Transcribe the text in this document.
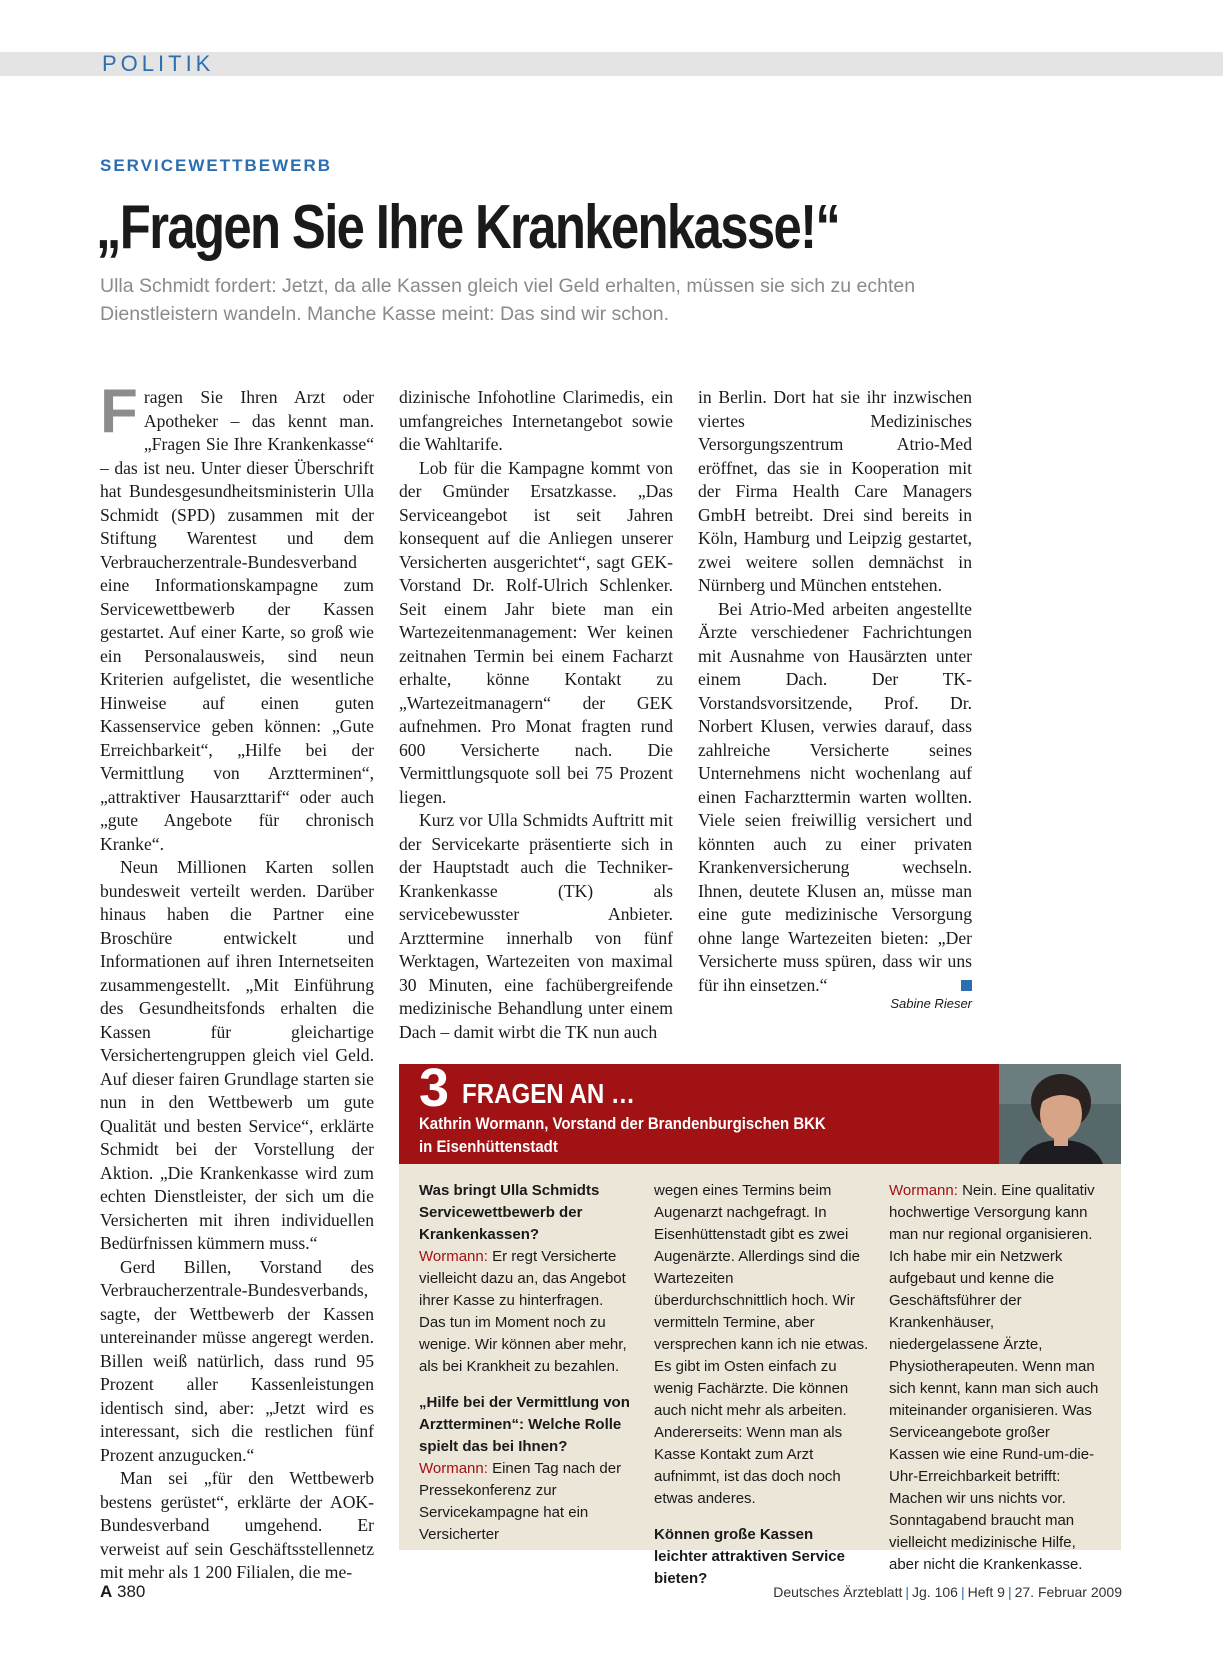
POLITIK
SERVICEWETTBEWERB
„Fragen Sie Ihre Krankenkasse!“
Ulla Schmidt fordert: Jetzt, da alle Kassen gleich viel Geld erhalten, müssen sie sich zu echten Dienstleistern wandeln. Manche Kasse meint: Das sind wir schon.

Fragen Sie Ihren Arzt oder Apotheker – das kennt man. „Fragen Sie Ihre Krankenkasse“ – das ist neu. Unter dieser Überschrift hat Bundesgesundheitsministerin Ulla Schmidt (SPD) zusammen mit der Stiftung Warentest und dem Verbraucherzentrale-Bundesverband eine Informationskampagne zum Servicewettbewerb der Kassen gestartet. Auf einer Karte, so groß wie ein Personalausweis, sind neun Kriterien aufgelistet, die wesentliche Hinweise auf einen guten Kassenservice geben können: „Gute Erreichbarkeit“, „Hilfe bei der Vermittlung von Arztterminen“, „attraktiver Hausarzttarif“ oder auch „gute Angebote für chronisch Kranke“.

Neun Millionen Karten sollen bundesweit verteilt werden. Darüber hinaus haben die Partner eine Broschüre entwickelt und Informationen auf ihren Internetseiten zusammengestellt. „Mit Einführung des Gesundheitsfonds erhalten die Kassen für gleichartige Versichertengruppen gleich viel Geld. Auf dieser fairen Grundlage starten sie nun in den Wettbewerb um gute Qualität und besten Service“, erklärte Schmidt bei der Vorstellung der Aktion. „Die Krankenkasse wird zum echten Dienstleister, der sich um die Versicherten mit ihren individuellen Bedürfnissen kümmern muss.“

Gerd Billen, Vorstand des Verbraucherzentrale-Bundesverbands, sagte, der Wettbewerb der Kassen untereinander müsse angeregt werden. Billen weiß natürlich, dass rund 95 Prozent aller Kassenleistungen identisch sind, aber: „Jetzt wird es interessant, sich die restlichen fünf Prozent anzugucken.“

Man sei „für den Wettbewerb bestens gerüstet“, erklärte der AOK-Bundesverband umgehend. Er verweist auf sein Geschäftsstellennetz mit mehr als 1 200 Filialen, die me-

dizinische Infohotline Clarimedis, ein umfangreiches Internetangebot sowie die Wahltarife.

Lob für die Kampagne kommt von der Gmünder Ersatzkasse. „Das Serviceangebot ist seit Jahren konsequent auf die Anliegen unserer Versicherten ausgerichtet“, sagt GEK-Vorstand Dr. Rolf-Ulrich Schlenker. Seit einem Jahr biete man ein Wartezeitenmanagement: Wer keinen zeitnahen Termin bei einem Facharzt erhalte, könne Kontakt zu „Wartezeitmanagern“ der GEK aufnehmen. Pro Monat fragten rund 600 Versicherte nach. Die Vermittlungsquote soll bei 75 Prozent liegen.

Kurz vor Ulla Schmidts Auftritt mit der Servicekarte präsentierte sich in der Hauptstadt auch die Techniker-Krankenkasse (TK) als servicebewusster Anbieter. Arzttermine innerhalb von fünf Werktagen, Wartezeiten von maximal 30 Minuten, eine fachübergreifende medizinische Behandlung unter einem Dach – damit wirbt die TK nun auch

in Berlin. Dort hat sie ihr inzwischen viertes Medizinisches Versorgungszentrum Atrio-Med eröffnet, das sie in Kooperation mit der Firma Health Care Managers GmbH betreibt. Drei sind bereits in Köln, Hamburg und Leipzig gestartet, zwei weitere sollen demnächst in Nürnberg und München entstehen.

Bei Atrio-Med arbeiten angestellte Ärzte verschiedener Fachrichtungen mit Ausnahme von Hausärzten unter einem Dach. Der TK-Vorstandsvorsitzende, Prof. Dr. Norbert Klusen, verwies darauf, dass zahlreiche Versicherte seines Unternehmens nicht wochenlang auf einen Facharzttermin warten wollten. Viele seien freiwillig versichert und könnten auch zu einer privaten Krankenversicherung wechseln. Ihnen, deutete Klusen an, müsse man eine gute medizinische Versorgung ohne lange Wartezeiten bieten: „Der Versicherte muss spüren, dass wir uns für ihn einsetzen.“

Sabine Rieser
3 FRAGEN AN …
Kathrin Wormann, Vorstand der Brandenburgischen BKK
in Eisenhüttenstadt

Was bringt Ulla Schmidts Servicewettbewerb der Krankenkassen?
Wormann: Er regt Versicherte vielleicht dazu an, das Angebot ihrer Kasse zu hinterfragen. Das tun im Moment noch zu wenige. Wir können aber mehr, als bei Krankheit zu bezahlen.

„Hilfe bei der Vermittlung von Arztterminen“: Welche Rolle spielt das bei Ihnen?
Wormann: Einen Tag nach der Pressekonferenz zur Servicekampagne hat ein Versicherter

wegen eines Termins beim Augenarzt nachgefragt. In Eisenhüttenstadt gibt es zwei Augenärzte. Allerdings sind die Wartezeiten überdurchschnittlich hoch. Wir vermitteln Termine, aber versprechen kann ich nie etwas. Es gibt im Osten einfach zu wenig Fachärzte. Die können auch nicht mehr als arbeiten. Andererseits: Wenn man als Kasse Kontakt zum Arzt aufnimmt, ist das doch noch etwas anderes.

Können große Kassen leichter attraktiven Service bieten?

Wormann: Nein. Eine qualitativ hochwertige Versorgung kann man nur regional organisieren. Ich habe mir ein Netzwerk aufgebaut und kenne die Geschäftsführer der Krankenhäuser, niedergelassene Ärzte, Physiotherapeuten. Wenn man sich kennt, kann man sich auch miteinander organisieren. Was Serviceangebote großer Kassen wie eine Rund-um-die-Uhr-Erreichbarkeit betrifft: Machen wir uns nichts vor. Sonntagabend braucht man vielleicht medizinische Hilfe, aber nicht die Krankenkasse.

A 380	Deutsches Ärzteblatt | Jg. 106 | Heft 9 | 27. Februar 2009
